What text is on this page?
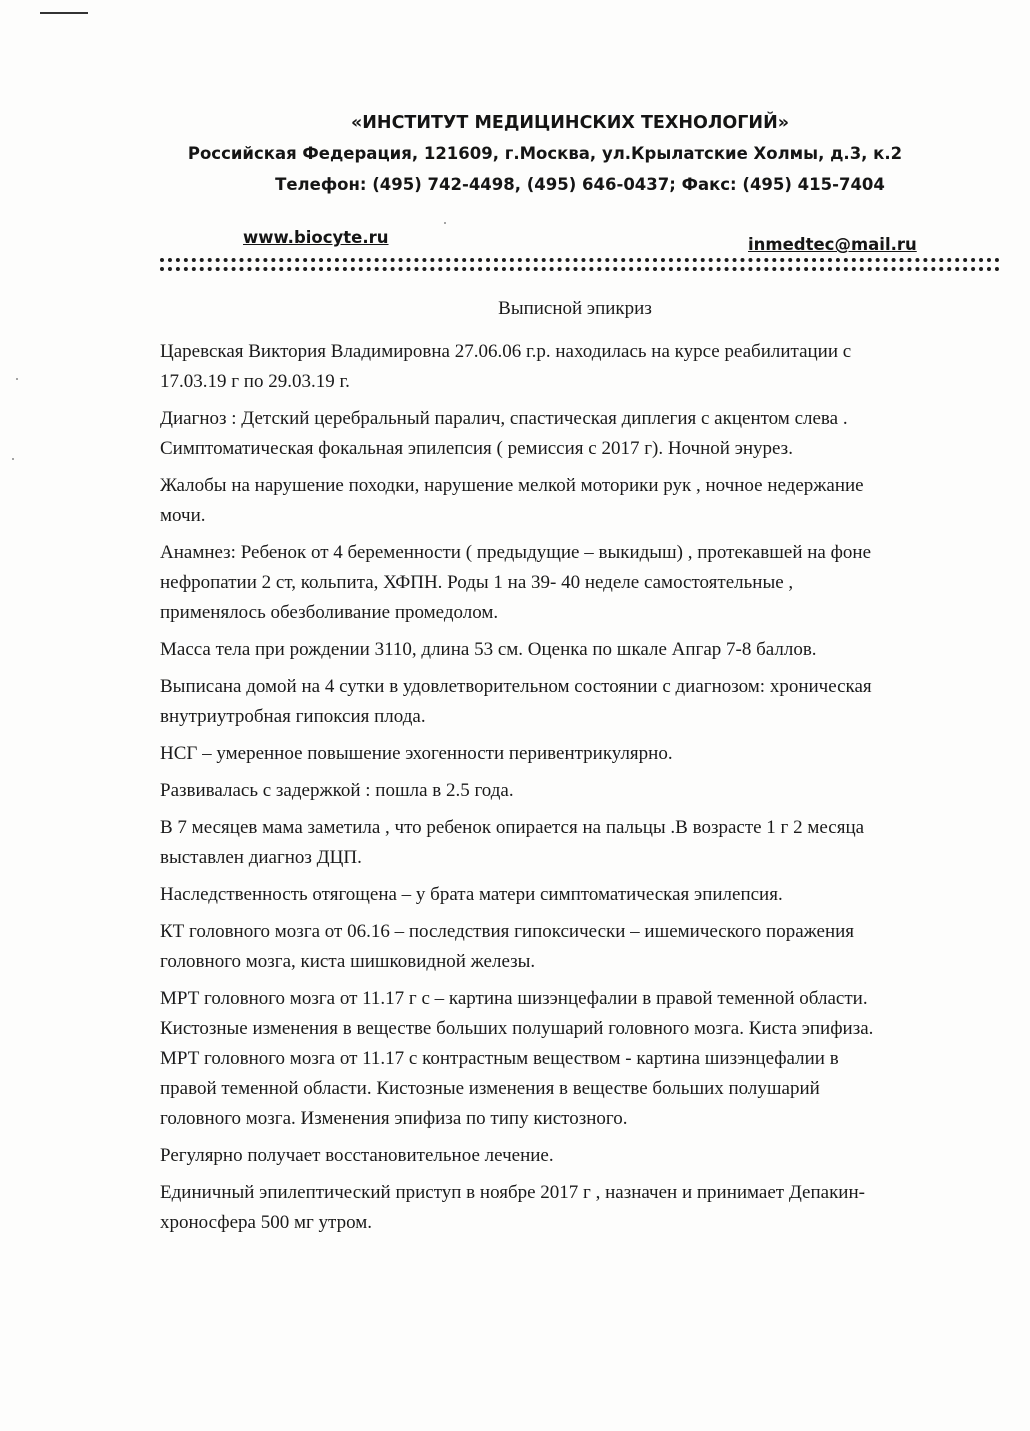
«ИНСТИТУТ МЕДИЦИНСКИХ ТЕХНОЛОГИЙ»
Российская Федерация, 121609, г.Москва, ул.Крылатские Холмы, д.3, к.2
Телефон: (495) 742-4498, (495) 646-0437; Факс: (495) 415-7404
www.biocyte.ru	inmedtec@mail.ru
Выписной эпикриз
Царевская Виктория Владимировна 27.06.06 г.р. находилась на курсе реабилитации с
17.03.19 г по 29.03.19 г.
Диагноз : Детский церебральный паралич, спастическая диплегия с акцентом слева .
Симптоматическая фокальная эпилепсия ( ремиссия с 2017 г). Ночной энурез.
Жалобы на нарушение походки, нарушение мелкой моторики рук , ночное недержание
мочи.
Анамнез: Ребенок от 4 беременности ( предыдущие – выкидыш) , протекавшей на фоне
нефропатии 2 ст, кольпита, ХФПН. Роды 1 на 39- 40 неделе самостоятельные ,
применялось обезболивание промедолом.
Масса тела при рождении 3110, длина 53 см. Оценка по шкале Апгар 7-8 баллов.
Выписана домой на 4 сутки в удовлетворительном состоянии с диагнозом: хроническая
внутриутробная гипоксия плода.
НСГ – умеренное повышение эхогенности перивентрикулярно.
Развивалась с задержкой : пошла в 2.5 года.
В 7 месяцев мама заметила , что ребенок опирается на пальцы .В возрасте 1 г 2 месяца
выставлен диагноз ДЦП.
Наследственность отягощена – у брата матери симптоматическая эпилепсия.
КТ головного мозга от 06.16 – последствия гипоксически – ишемического поражения
головного мозга, киста шишковидной железы.
МРТ головного мозга от 11.17 г с – картина шизэнцефалии в правой теменной области.
Кистозные изменения в веществе больших полушарий головного мозга. Киста эпифиза.
МРТ головного мозга от 11.17 с контрастным веществом - картина шизэнцефалии в
правой теменной области. Кистозные изменения в веществе больших полушарий
головного мозга. Изменения эпифиза по типу кистозного.
Регулярно получает восстановительное лечение.
Единичный эпилептический приступ в ноябре 2017 г , назначен и принимает Депакин-
хроносфера 500 мг утром.
